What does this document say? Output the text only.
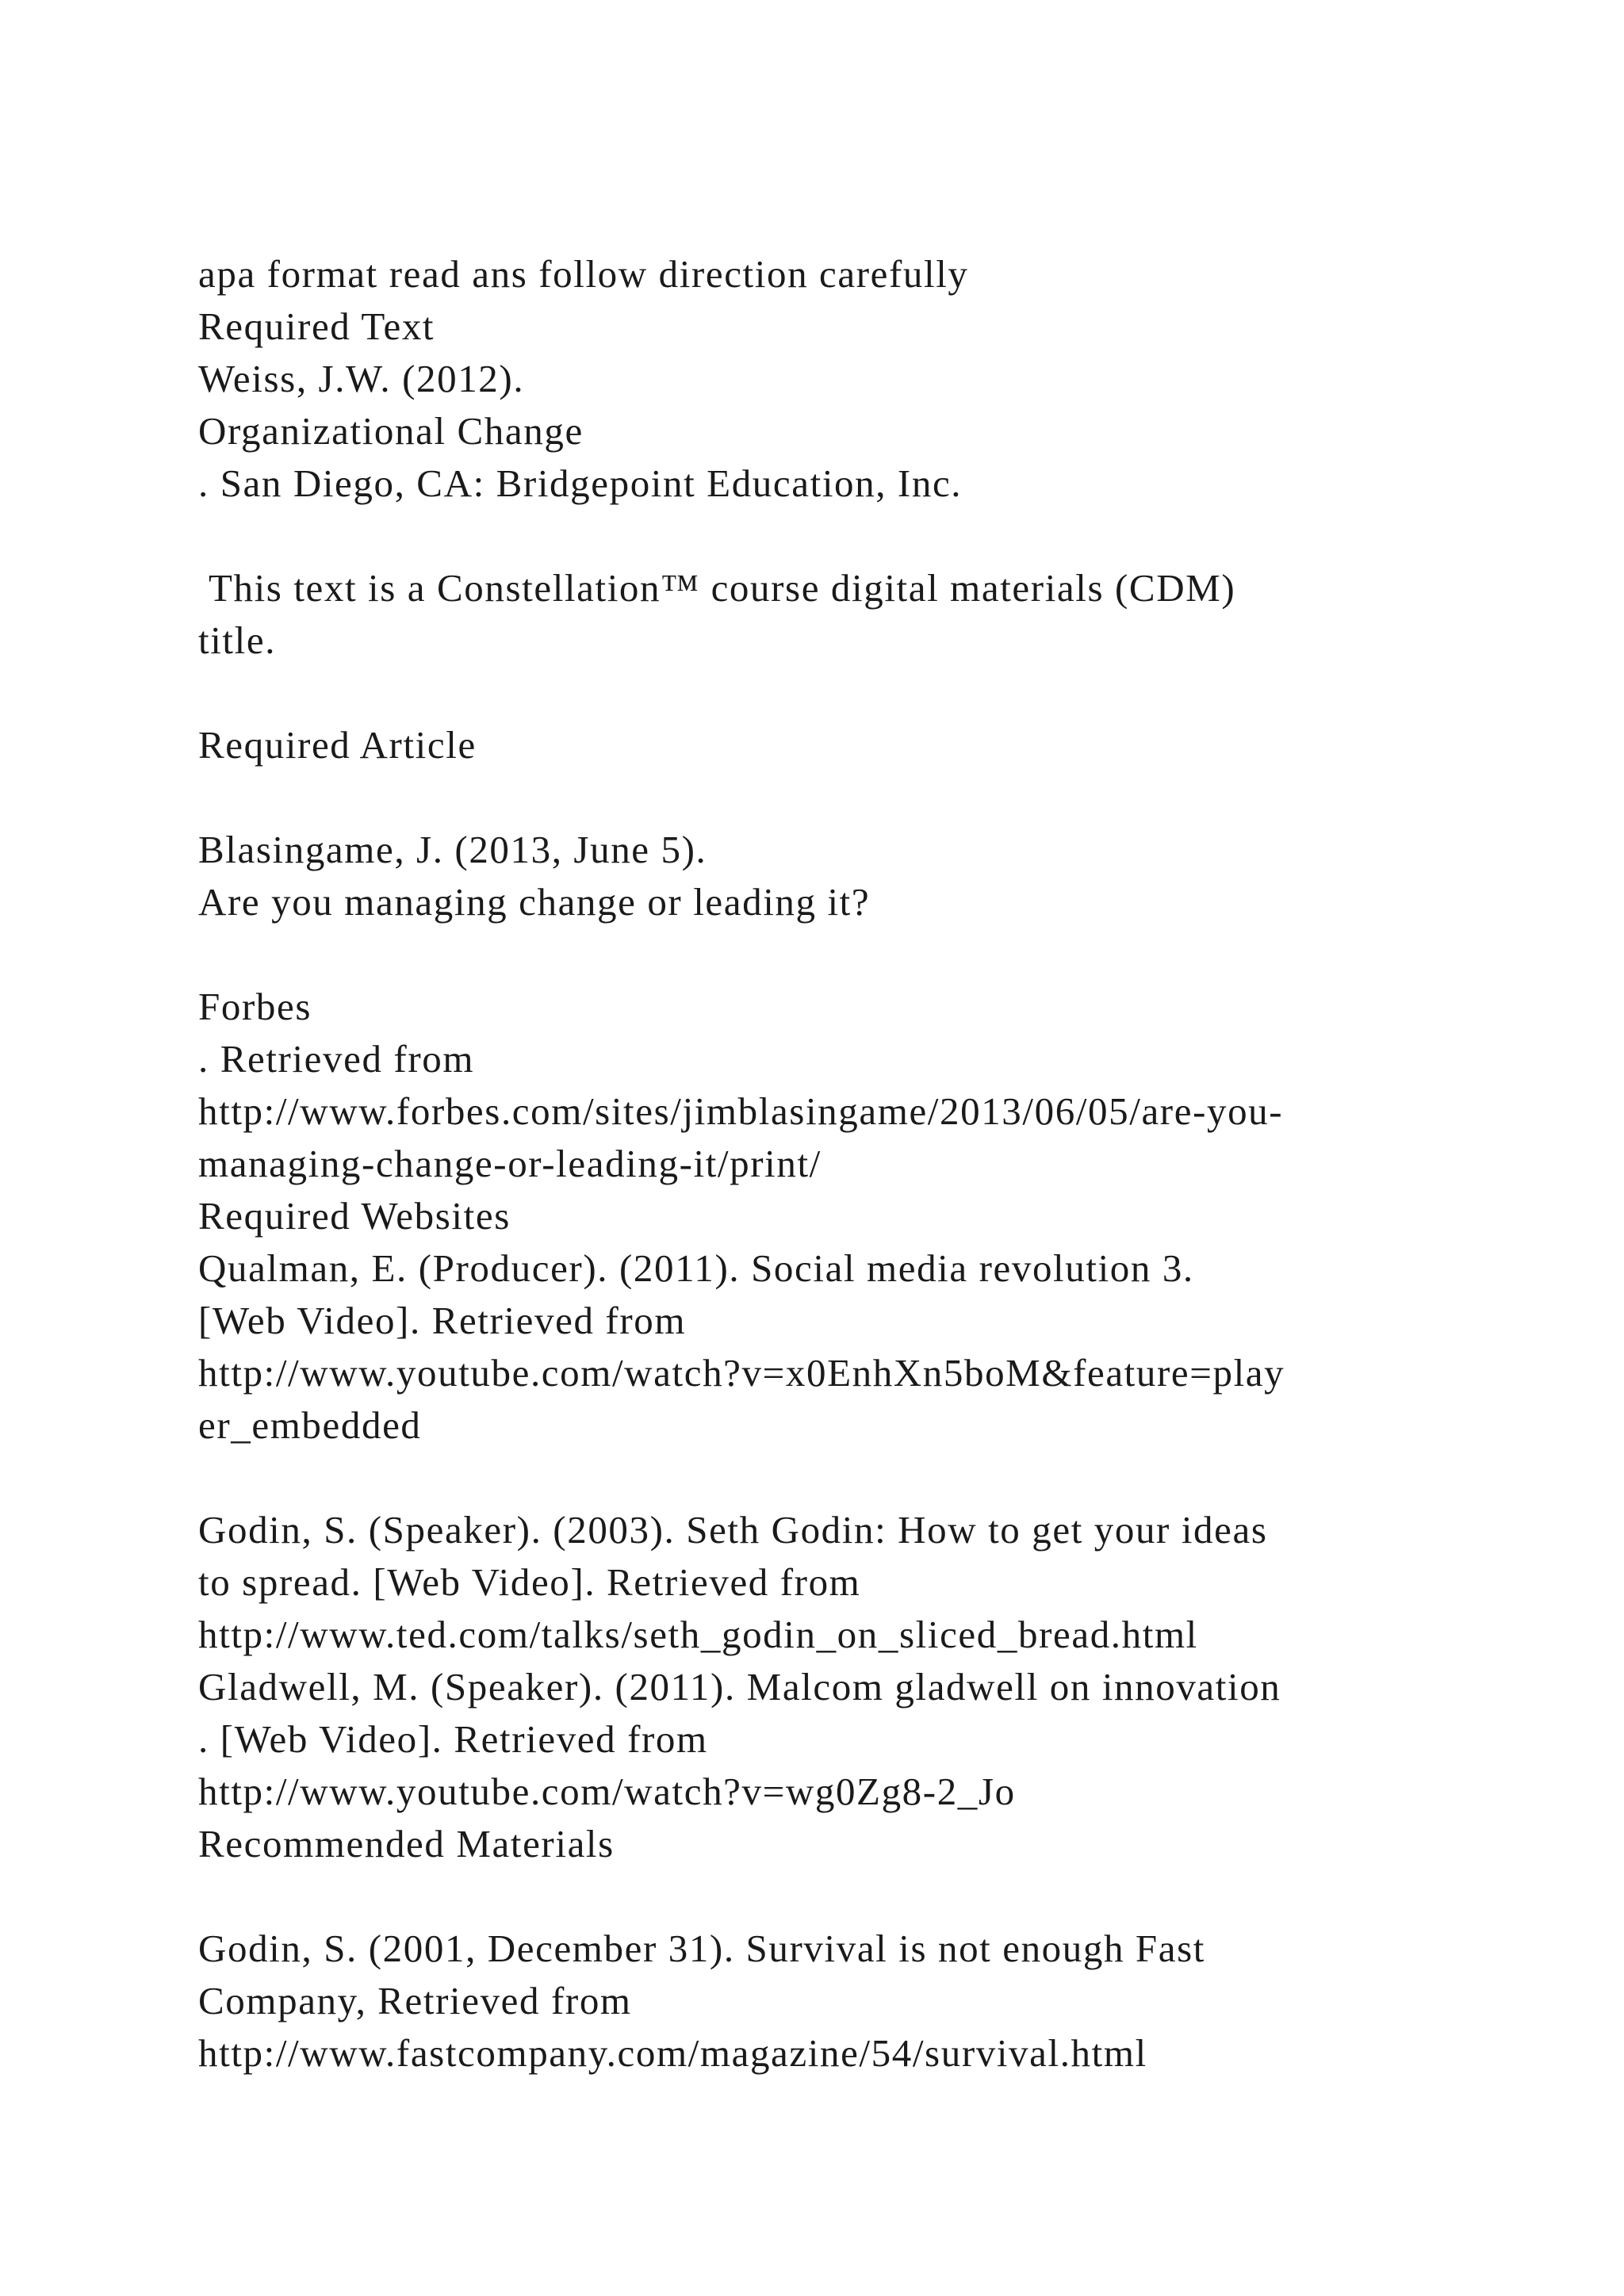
apa format read ans follow direction carefully
Required Text
Weiss, J.W. (2012).
Organizational Change
. San Diego, CA: Bridgepoint Education, Inc.
This text is a Constellation™ course digital materials (CDM)
title.
Required Article
Blasingame, J. (2013, June 5).
Are you managing change or leading it?
Forbes
. Retrieved from
http://www.forbes.com/sites/jimblasingame/2013/06/05/are-you-
managing-change-or-leading-it/print/
Required Websites
Qualman, E. (Producer). (2011). Social media revolution 3.
[Web Video]. Retrieved from
http://www.youtube.com/watch?v=x0EnhXn5boM&feature=play
er_embedded
Godin, S. (Speaker). (2003). Seth Godin: How to get your ideas
to spread. [Web Video]. Retrieved from
http://www.ted.com/talks/seth_godin_on_sliced_bread.html
Gladwell, M. (Speaker). (2011). Malcom gladwell on innovation
. [Web Video]. Retrieved from
http://www.youtube.com/watch?v=wg0Zg8-2_Jo
Recommended Materials
Godin, S. (2001, December 31). Survival is not enough Fast
Company, Retrieved from
http://www.fastcompany.com/magazine/54/survival.html
